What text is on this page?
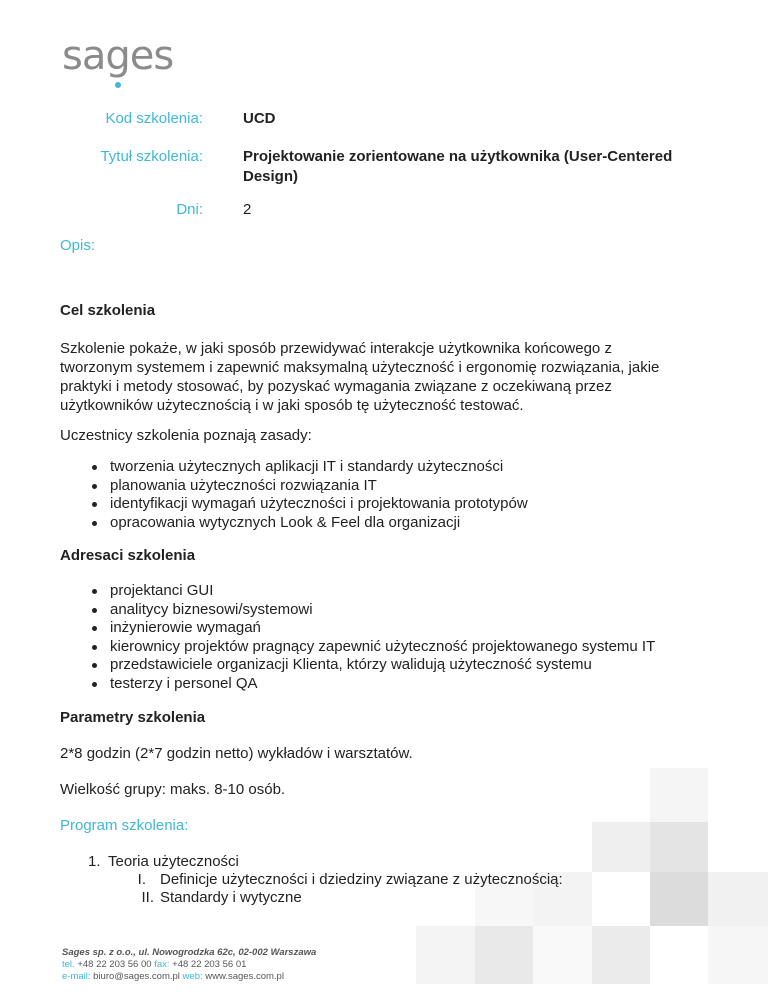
sag
es
Kod szkolenia:	UCD
Tytuł szkolenia:	Projektowanie zorientowane na użytkownika (User-Centered Design)
Dni:	2
Opis:
Cel szkolenia
Szkolenie pokaże, w jaki sposób przewidywać interakcje użytkownika końcowego z tworzonym systemem i zapewnić maksymalną użyteczność i ergonomię rozwiązania, jakie praktyki i metody stosować, by pozyskać wymagania związane z oczekiwaną przez użytkowników użytecznością i w jaki sposób tę użyteczność testować.
Uczestnicy szkolenia poznają zasady:
tworzenia użytecznych aplikacji IT i standardy użyteczności
planowania użyteczności rozwiązania IT
identyfikacji wymagań użyteczności i projektowania prototypów
opracowania wytycznych Look & Feel dla organizacji
Adresaci szkolenia
projektanci GUI
analitycy biznesowi/systemowi
inżynierowie wymagań
kierownicy projektów pragnący zapewnić użyteczność projektowanego systemu IT
przedstawiciele organizacji Klienta, którzy walidują użyteczność systemu
testerzy i personel QA
Parametry szkolenia
2*8 godzin (2*7 godzin netto) wykładów i warsztatów.
Wielkość grupy: maks. 8-10 osób.
Program szkolenia:
1. Teoria użyteczności
I. Definicje użyteczności i dziedziny związane z użytecznością:
II. Standardy i wytyczne
Sages sp. z o.o., ul. Nowogrodzka 62c, 02-002 Warszawa
tel. +48 22 203 56 00 fax: +48 22 203 56 01
e-mail: biuro@sages.com.pl web: www.sages.com.pl
